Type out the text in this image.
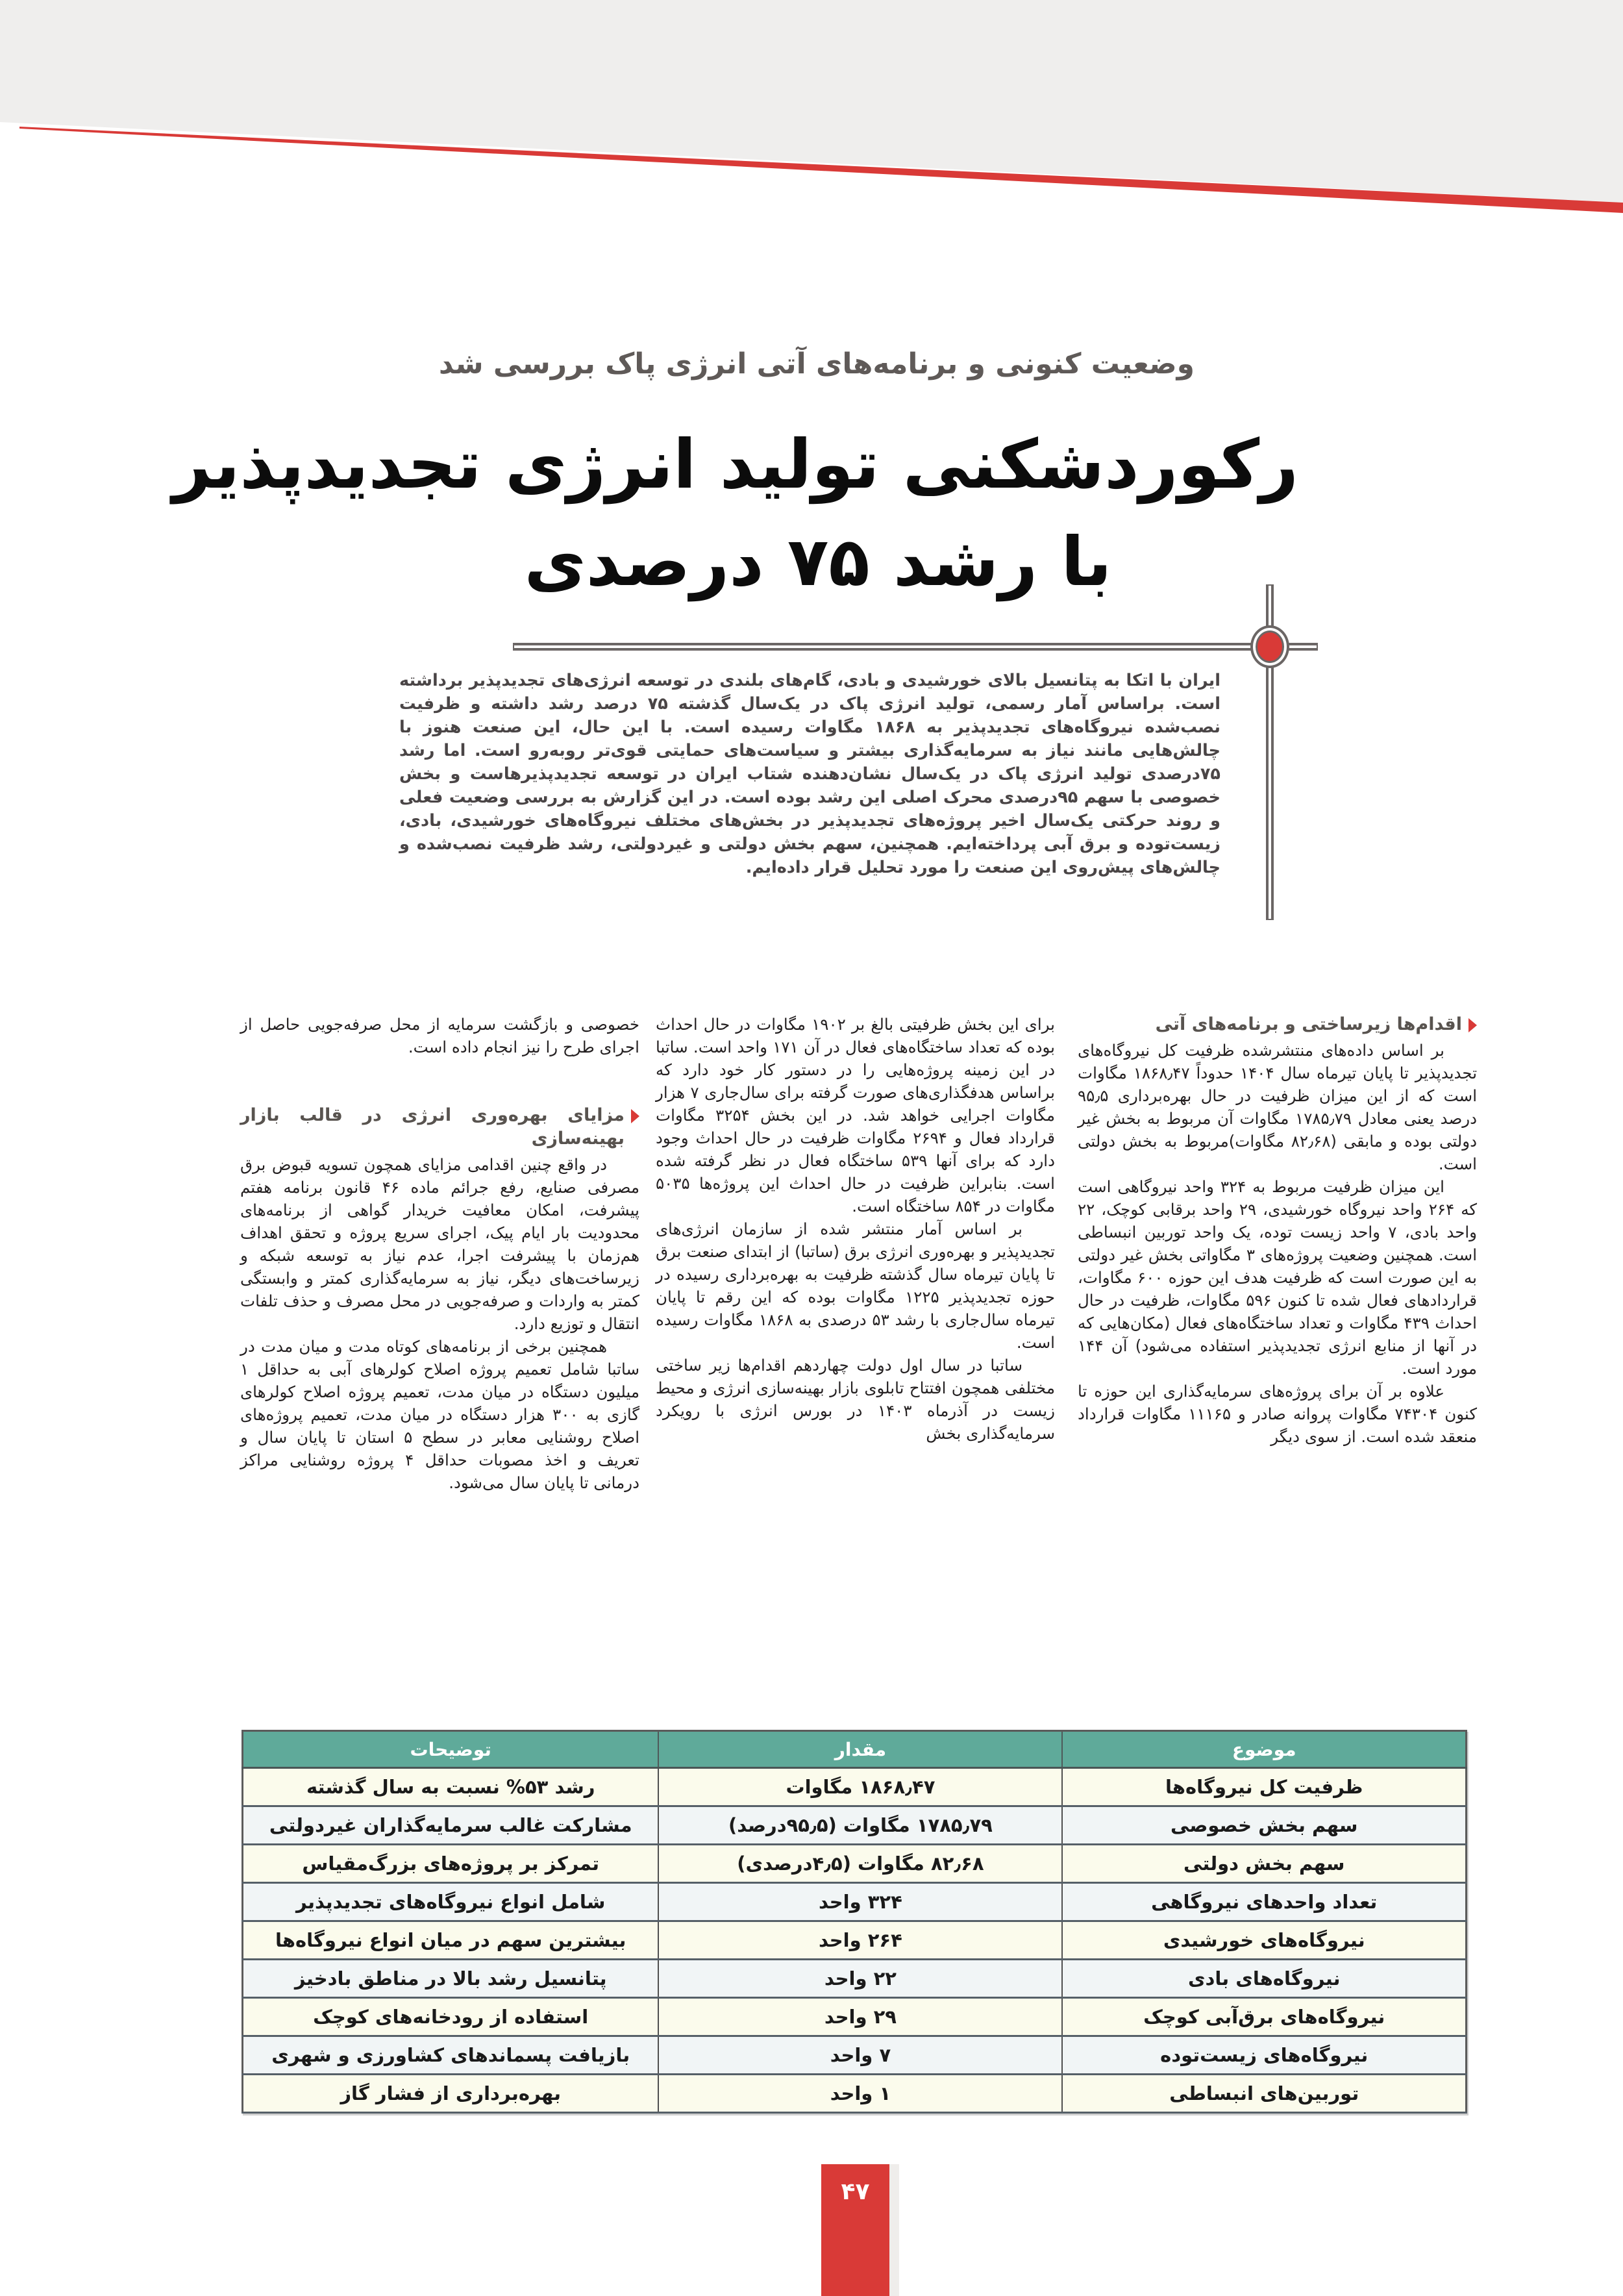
وضعیت کنونی و برنامه‌های آتی انرژی پاک بررسی شد
رکوردشکنی تولید انرژی تجدیدپذیر
با رشد ۷۵ درصدی

ایران با اتکا به پتانسیل بالای خورشیدی و بادی، گام‌های بلندی در توسعه انرژی‌های تجدیدپذیر برداشته است. براساس آمار رسمی، تولید انرژی پاک در یک‌سال گذشته ۷۵ درصد رشد داشته و ظرفیت نصب‌شده نیروگاه‌های تجدیدپذیر به ۱۸۶۸ مگاوات رسیده است. با این حال، این صنعت هنوز با چالش‌هایی مانند نیاز به سرمایه‌گذاری بیشتر و سیاست‌های حمایتی قوی‌تر روبه‌رو است. اما رشد ۷۵درصدی تولید انرژی پاک در یک‌سال نشان‌دهنده شتاب ایران در توسعه تجدیدپذیرهاست و بخش خصوصی با سهم ۹۵درصدی محرک اصلی این رشد بوده است. در این گزارش به بررسی وضعیت فعلی و روند حرکتی یک‌سال اخیر پروژه‌های تجدیدپذیر در بخش‌های مختلف نیروگاه‌های خورشیدی، بادی، زیست‌توده و برق آبی پرداخته‌ایم. همچنین، سهم بخش دولتی و غیردولتی، رشد ظرفیت نصب‌شده و چالش‌های پیش‌روی این صنعت را مورد تحلیل قرار داده‌ایم.

اقدام‌ها زیرساختی و برنامه‌های آتی

بر اساس داده‌های منتشرشده ظرفیت کل نیروگاه‌های تجدیدپذیر تا پایان تیرماه سال ۱۴۰۴ حدوداً ۱۸۶۸٫۴۷ مگاوات است که از این میزان ظرفیت در حال بهره‌برداری ۹۵٫۵ درصد یعنی معادل ۱۷۸۵٫۷۹ مگاوات آن مربوط به بخش غیر دولتی بوده و مابقی (۸۲٫۶۸ مگاوات)مربوط به بخش دولتی است.

این میزان ظرفیت مربوط به ۳۲۴ واحد نیروگاهی است که ۲۶۴ واحد نیروگاه خورشیدی، ۲۹ واحد برقابی کوچک، ۲۲ واحد بادی، ۷ واحد زیست توده، یک واحد توربین انبساطی است. همچنین وضعیت پروژه‌های ۳ مگاواتی بخش غیر دولتی به این صورت است که ظرفیت هدف این حوزه ۶۰۰ مگاوات، قراردادهای فعال شده تا کنون ۵۹۶ مگاوات، ظرفیت در حال احداث ۴۳۹ مگاوات و تعداد ساختگاه‌های فعال (مکان‌هایی که در آنها از منابع انرژی تجدیدپذیر استفاده می‌شود) آن ۱۴۴ مورد است.

علاوه بر آن برای پروژه‌های سرمایه‌گذاری این حوزه تا کنون ۷۴۳۰۴ مگاوات پروانه صادر و ۱۱۱۶۵ مگاوات قرارداد منعقد شده است. از سوی دیگر

برای این بخش ظرفیتی بالغ بر ۱۹۰۲ مگاوات در حال احداث بوده که تعداد ساختگاه‌های فعال در آن ۱۷۱ واحد است. ساتبا در این زمینه پروژه‌هایی را در دستور کار خود دارد که براساس هدفگذاری‌های صورت گرفته برای سال‌جاری ۷ هزار مگاوات اجرایی خواهد شد. در این بخش ۳۲۵۴ مگاوات قرارداد فعال و ۲۶۹۴ مگاوات ظرفیت در حال احداث وجود دارد که برای آنها ۵۳۹ ساختگاه فعال در نظر گرفته شده است. بنابراین ظرفیت در حال احداث این پروژه‌ها ۵۰۳۵ مگاوات در ۸۵۴ ساختگاه است.

بر اساس آمار منتشر شده از سازمان انرژی‌های تجدیدپذیر و بهره‌وری انرژی برق (ساتبا) از ابتدای صنعت برق تا پایان تیرماه سال گذشته ظرفیت به بهره‌برداری رسیده در حوزه تجدیدپذیر ۱۲۲۵ مگاوات بوده که این رقم تا پایان تیرماه سال‌جاری با رشد ۵۳ درصدی به ۱۸۶۸ مگاوات رسیده است.

ساتبا در سال اول دولت چهاردهم اقدام‌ها زیر ساختی مختلفی همچون افتتاح تابلوی بازار بهینه‌سازی انرژی و محیط زیست در آذرماه ۱۴۰۳ در بورس انرژی با رویکرد سرمایه‌گذاری بخش

خصوصی و بازگشت سرمایه از محل صرفه‌جویی حاصل از اجرای طرح را نیز انجام داده است.

مزایای بهره‌وری انرژی در قالب بازار بهینه‌سازی

در واقع چنین اقدامی مزایای همچون تسویه قبوض برق مصرفی صنایع، رفع جرائم ماده ۴۶ قانون برنامه هفتم پیشرفت، امکان معافیت خریدار گواهی از برنامه‌های محدودیت بار ایام پیک، اجرای سریع پروژه و تحقق اهداف هم‌زمان با پیشرفت اجرا، عدم نیاز به توسعه شبکه و زیرساخت‌های دیگر، نیاز به سرمایه‌گذاری کمتر و وابستگی کمتر به واردات و صرفه‌جویی در محل مصرف و حذف تلفات انتقال و توزیع دارد.

همچنین برخی از برنامه‌های کوتاه مدت و میان مدت در ساتبا شامل تعمیم پروژه اصلاح کولرهای آبی به حداقل ۱ میلیون دستگاه در میان مدت، تعمیم پروژه اصلاح کولرهای گازی به ۳۰۰ هزار دستگاه در میان مدت، تعمیم پروژه‌های اصلاح روشنایی معابر در سطح ۵ استان تا پایان سال و تعریف و اخذ مصوبات حداقل ۴ پروژه روشنایی مراکز درمانی تا پایان سال می‌شود.

موضوع	مقدار	توضیحات
ظرفیت کل نیروگاه‌ها	۱۸۶۸٫۴۷ مگاوات	رشد ۵۳% نسبت به سال گذشته
سهم بخش خصوصی	۱۷۸۵٫۷۹ مگاوات (۹۵٫۵درصد)	مشارکت غالب سرمایه‌گذاران غیردولتی
سهم بخش دولتی	۸۲٫۶۸ مگاوات (۴٫۵درصدی)	تمرکز بر پروژه‌های بزرگ‌مقیاس
تعداد واحدهای نیروگاهی	۳۲۴ واحد	شامل انواع نیروگاه‌های تجدیدپذیر
نیروگاه‌های خورشیدی	۲۶۴ واحد	بیشترین سهم در میان انواع نیروگاه‌ها
نیروگاه‌های بادی	۲۲ واحد	پتانسیل رشد بالا در مناطق بادخیز
نیروگاه‌های برق‌آبی کوچک	۲۹ واحد	استفاده از رودخانه‌های کوچک
نیروگاه‌های زیست‌توده	۷ واحد	بازیافت پسماندهای کشاورزی و شهری
توربین‌های انبساطی	۱ واحد	بهره‌برداری از فشار گاز
۴۷
